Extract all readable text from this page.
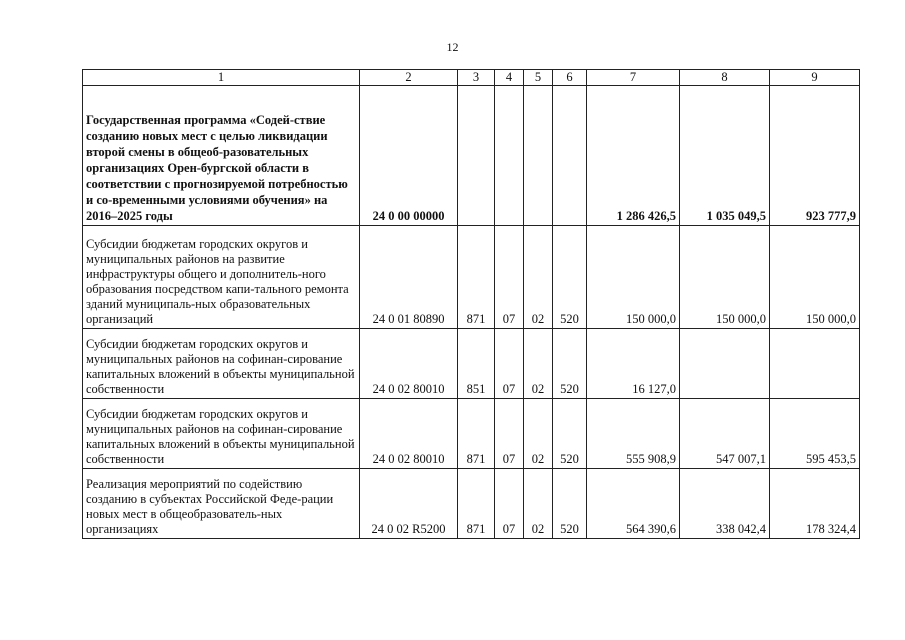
12
1	2	3	4	5	6	7	8	9
Государственная программа «Содей-ствие созданию новых мест с целью ликвидации второй смены в общеоб-разовательных организациях Орен-бургской области в соответствии с прогнозируемой потребностью и со-временными условиями обучения» на 2016–2025 годы	24 0 00 00000					1 286 426,5	1 035 049,5	923 777,9
Субсидии бюджетам городских округов и муниципальных районов на развитие инфраструктуры общего и дополнитель-ного образования посредством капи-тального ремонта зданий муниципаль-ных образовательных организаций	24 0 01 80890	871	07	02	520	150 000,0	150 000,0	150 000,0
Субсидии бюджетам городских округов и муниципальных районов на софинан-сирование капитальных вложений в объекты муниципальной собственности	24 0 02 80010	851	07	02	520	16 127,0		
Субсидии бюджетам городских округов и муниципальных районов на софинан-сирование капитальных вложений в объекты муниципальной собственности	24 0 02 80010	871	07	02	520	555 908,9	547 007,1	595 453,5
Реализация мероприятий по содействию созданию в субъектах Российской Феде-рации новых мест в общеобразователь-ных организациях	24 0 02 R5200	871	07	02	520	564 390,6	338 042,4	178 324,4
